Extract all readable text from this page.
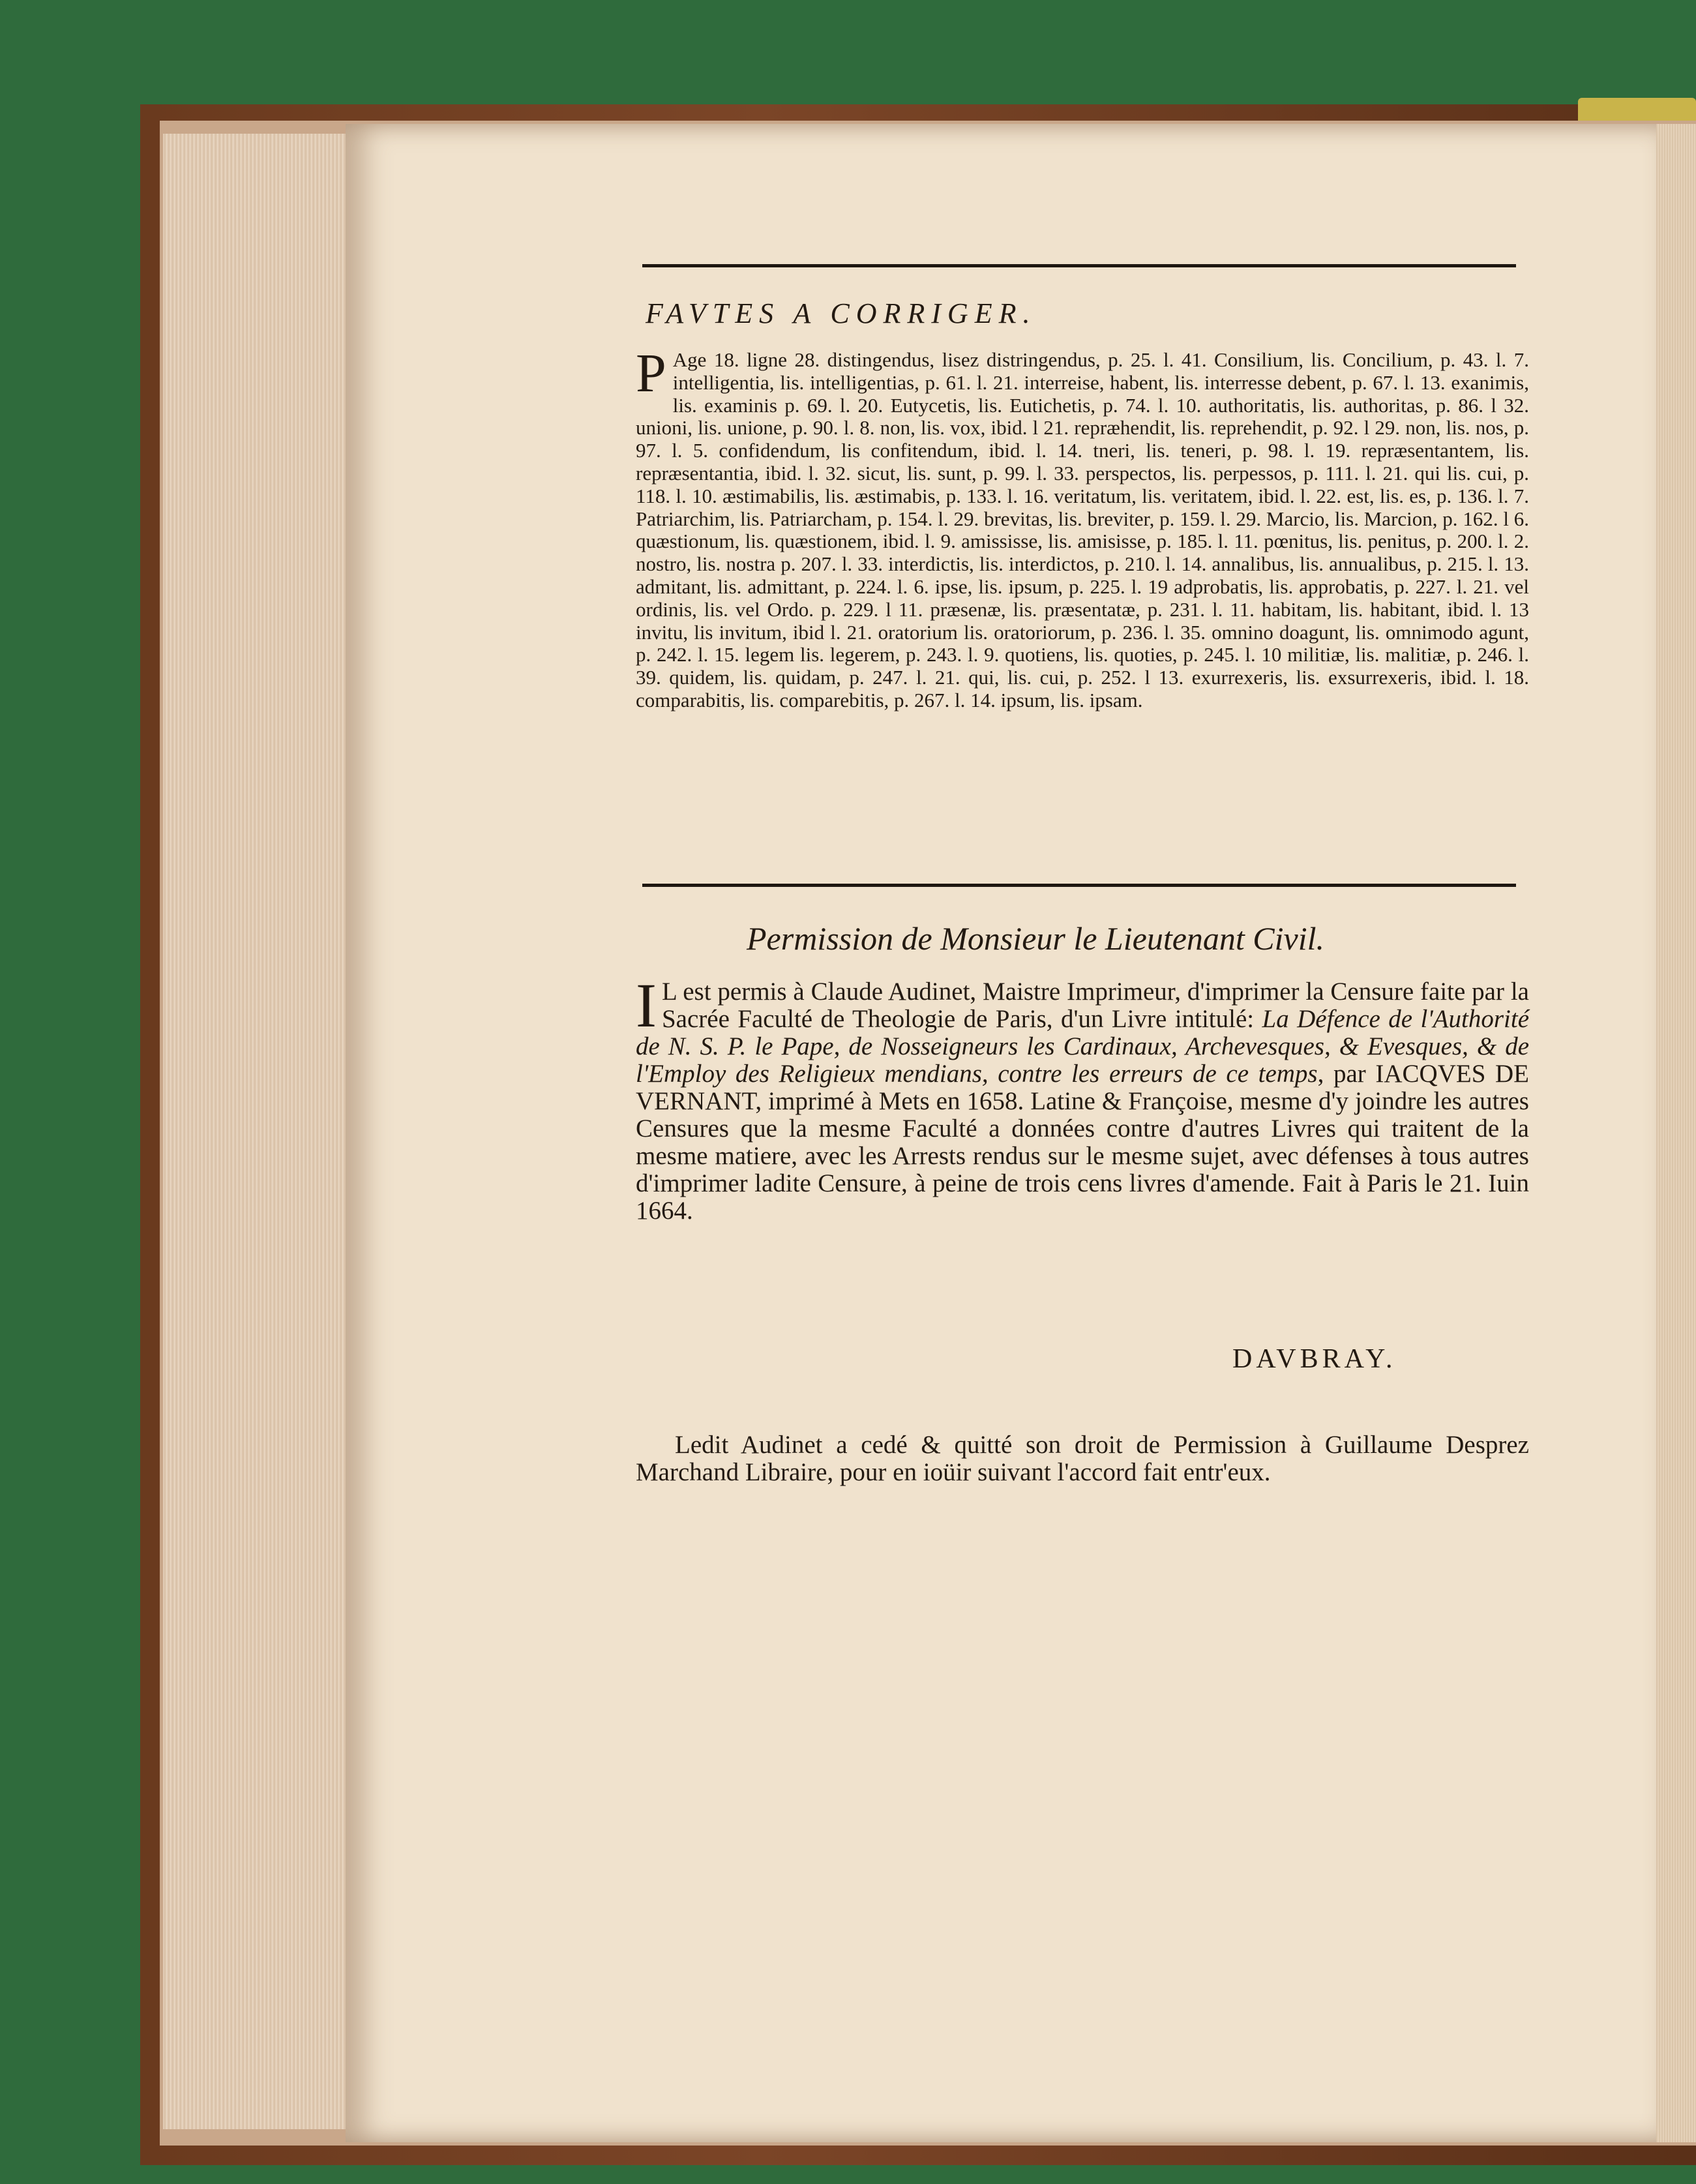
FAVTES A CORRIGER.
P Age 18. ligne 28. distingendus, lisez distringendus, p. 25. l. 41. Consilium, lis. Concilium, p. 43. l. 7. intelligentia, lis. intelligentias, p. 61. l. 21. interreise, habent, lis. interresse debent, p. 67. l. 13. exanimis, lis. examinis p. 69. l. 20. Eutycetis, lis. Eutichetis, p. 74. l. 10. authoritatis, lis. authoritas, p. 86. l 32. unioni, lis. unione, p. 90. l. 8. non, lis. vox, ibid. l 21. repræhendit, lis. reprehendit, p. 92. l 29. non, lis. nos, p. 97. l. 5. confidendum, lis confitendum, ibid. l. 14. tneri, lis. teneri, p. 98. l. 19. repræsentantem, lis. repræsentantia, ibid. l. 32. sicut, lis. sunt, p. 99. l. 33. perspectos, lis. perpessos, p. 111. l. 21. qui lis. cui, p. 118. l. 10. æstimabilis, lis. æstimabis, p. 133. l. 16. veritatum, lis. veritatem, ibid. l. 22. est, lis. es, p. 136. l. 7. Patriarchim, lis. Patriarcham, p. 154. l. 29. brevitas, lis. breviter, p. 159. l. 29. Marcio, lis. Marcion, p. 162. l 6. quæstionum, lis. quæstionem, ibid. l. 9. amississe, lis. amisisse, p. 185. l. 11. pœnitus, lis. penitus, p. 200. l. 2. nostro, lis. nostra p. 207. l. 33. interdictis, lis. interdictos, p. 210. l. 14. annalibus, lis. annualibus, p. 215. l. 13. admitant, lis. admittant, p. 224. l. 6. ipse, lis. ipsum, p. 225. l. 19 adprobatis, lis. approbatis, p. 227. l. 21. vel ordinis, lis. vel Ordo. p. 229. l 11. præsenæ, lis. præsentatæ, p. 231. l. 11. habitam, lis. habitant, ibid. l. 13 invitu, lis invitum, ibid l. 21. oratorium lis. oratoriorum, p. 236. l. 35. omnino doagunt, lis. omnimodo agunt, p. 242. l. 15. legem lis. legerem, p. 243. l. 9. quotiens, lis. quoties, p. 245. l. 10 militiæ, lis. malitiæ, p. 246. l. 39. quidem, lis. quidam, p. 247. l. 21. qui, lis. cui, p. 252. l 13. exurrexeris, lis. exsurrexeris, ibid. l. 18. comparabitis, lis. comparebitis, p. 267. l. 14. ipsum, lis. ipsam.
Permission de Monsieur le Lieutenant Civil.
I L est permis à Claude Audinet, Maistre Imprimeur, d'imprimer la Censure faite par la Sacrée Faculté de Theologie de Paris, d'un Livre intitulé: La Défence de l'Authorité de N. S. P. le Pape, de Nosseigneurs les Cardinaux, Archevesques, & Evesques, & de l'Employ des Religieux mendians, contre les erreurs de ce temps, par IACQVES DE VERNANT, imprimé à Mets en 1658. Latine & Françoise, mesme d'y joindre les autres Censures que la mesme Faculté a données contre d'autres Livres qui traitent de la mesme matiere, avec les Arrests rendus sur le mesme sujet, avec défenses à tous autres d'imprimer ladite Censure, à peine de trois cens livres d'amende. Fait à Paris le 21. Iuin 1664.
DAVBRAY.
Ledit Audinet a cedé & quitté son droit de Permission à Guillaume Desprez Marchand Libraire, pour en ioüir suivant l'accord fait entr'eux.
